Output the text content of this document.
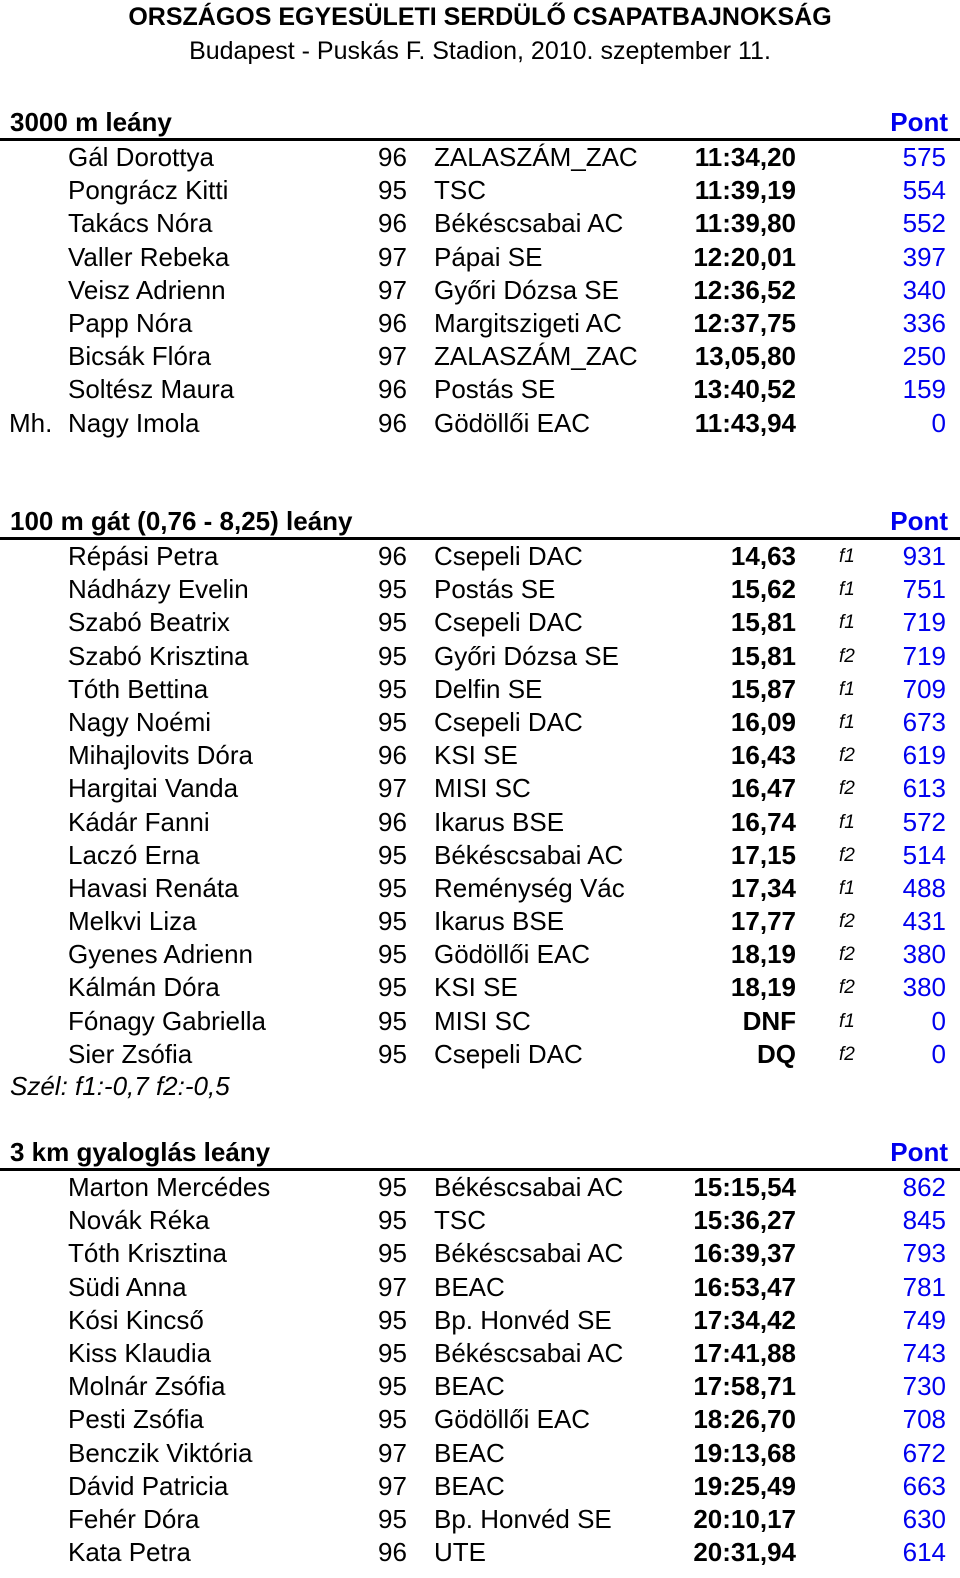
ORSZÁGOS EGYESÜLETI SERDÜLŐ CSAPATBAJNOKSÁG
Budapest - Puskás F. Stadion, 2010. szeptember 11.
3000 m leány	Pont
Gál Dorottya	96 ZALASZÁM_ZAC 11:34,20	575
Pongrácz Kitti	95 TSC	11:39,19	554
Takács Nóra	96 Békéscsabai AC	11:39,80	552
Valler Rebeka	97 Pápai SE	12:20,01	397
Veisz Adrienn	97 Győri Dózsa SE	12:36,52	340
Papp Nóra	96 Margitszigeti AC	12:37,75	336
Bicsák Flóra	97 ZALASZÁM_ZAC 13,05,80	250
Soltész Maura	96 Postás SE	13:40,52	159
Mh. Nagy Imola	96 Gödöllői EAC	11:43,94	0
100 m gát (0,76 - 8,25) leány	Pont
Répási Petra	96 Csepeli DAC	14,63 f1 931
Nádházy Evelin	95 Postás SE	15,62 f1 751
Szabó Beatrix	95 Csepeli DAC	15,81 f1 719
Szabó Krisztina	95 Győri Dózsa SE	15,81 f2 719
Tóth Bettina	95 Delfin SE	15,87 f1 709
Nagy Noémi	95 Csepeli DAC	16,09 f1 673
Mihajlovits Dóra	96 KSI SE	16,43 f2 619
Hargitai Vanda	97 MISI SC	16,47 f2 613
Kádár Fanni	96 Ikarus BSE	16,74 f1 572
Laczó Erna	95 Békéscsabai AC	17,15 f2 514
Havasi Renáta	95 Reménység Vác	17,34 f1 488
Melkvi Liza	95 Ikarus BSE	17,77 f2 431
Gyenes Adrienn	95 Gödöllői EAC	18,19 f2 380
Kálmán Dóra	95 KSI SE	18,19 f2 380
Fónagy Gabriella	95 MISI SC	DNF f1	0
Sier Zsófia	95 Csepeli DAC	DQ f2	0
Szél: f1:-0,7 f2:-0,5
3 km gyaloglás leány	Pont
Marton Mercédes	95 Békéscsabai AC	15:15,54	862
Novák Réka	95 TSC	15:36,27	845
Tóth Krisztina	95 Békéscsabai AC	16:39,37	793
Südi Anna	97 BEAC	16:53,47	781
Kósi Kincső	95 Bp. Honvéd SE	17:34,42	749
Kiss Klaudia	95 Békéscsabai AC	17:41,88	743
Molnár Zsófia	95 BEAC	17:58,71	730
Pesti Zsófia	95 Gödöllői EAC	18:26,70	708
Benczik Viktória	97 BEAC	19:13,68	672
Dávid Patricia	97 BEAC	19:25,49	663
Fehér Dóra	95 Bp. Honvéd SE	20:10,17	630
Kata Petra	96 UTE	20:31,94	614
